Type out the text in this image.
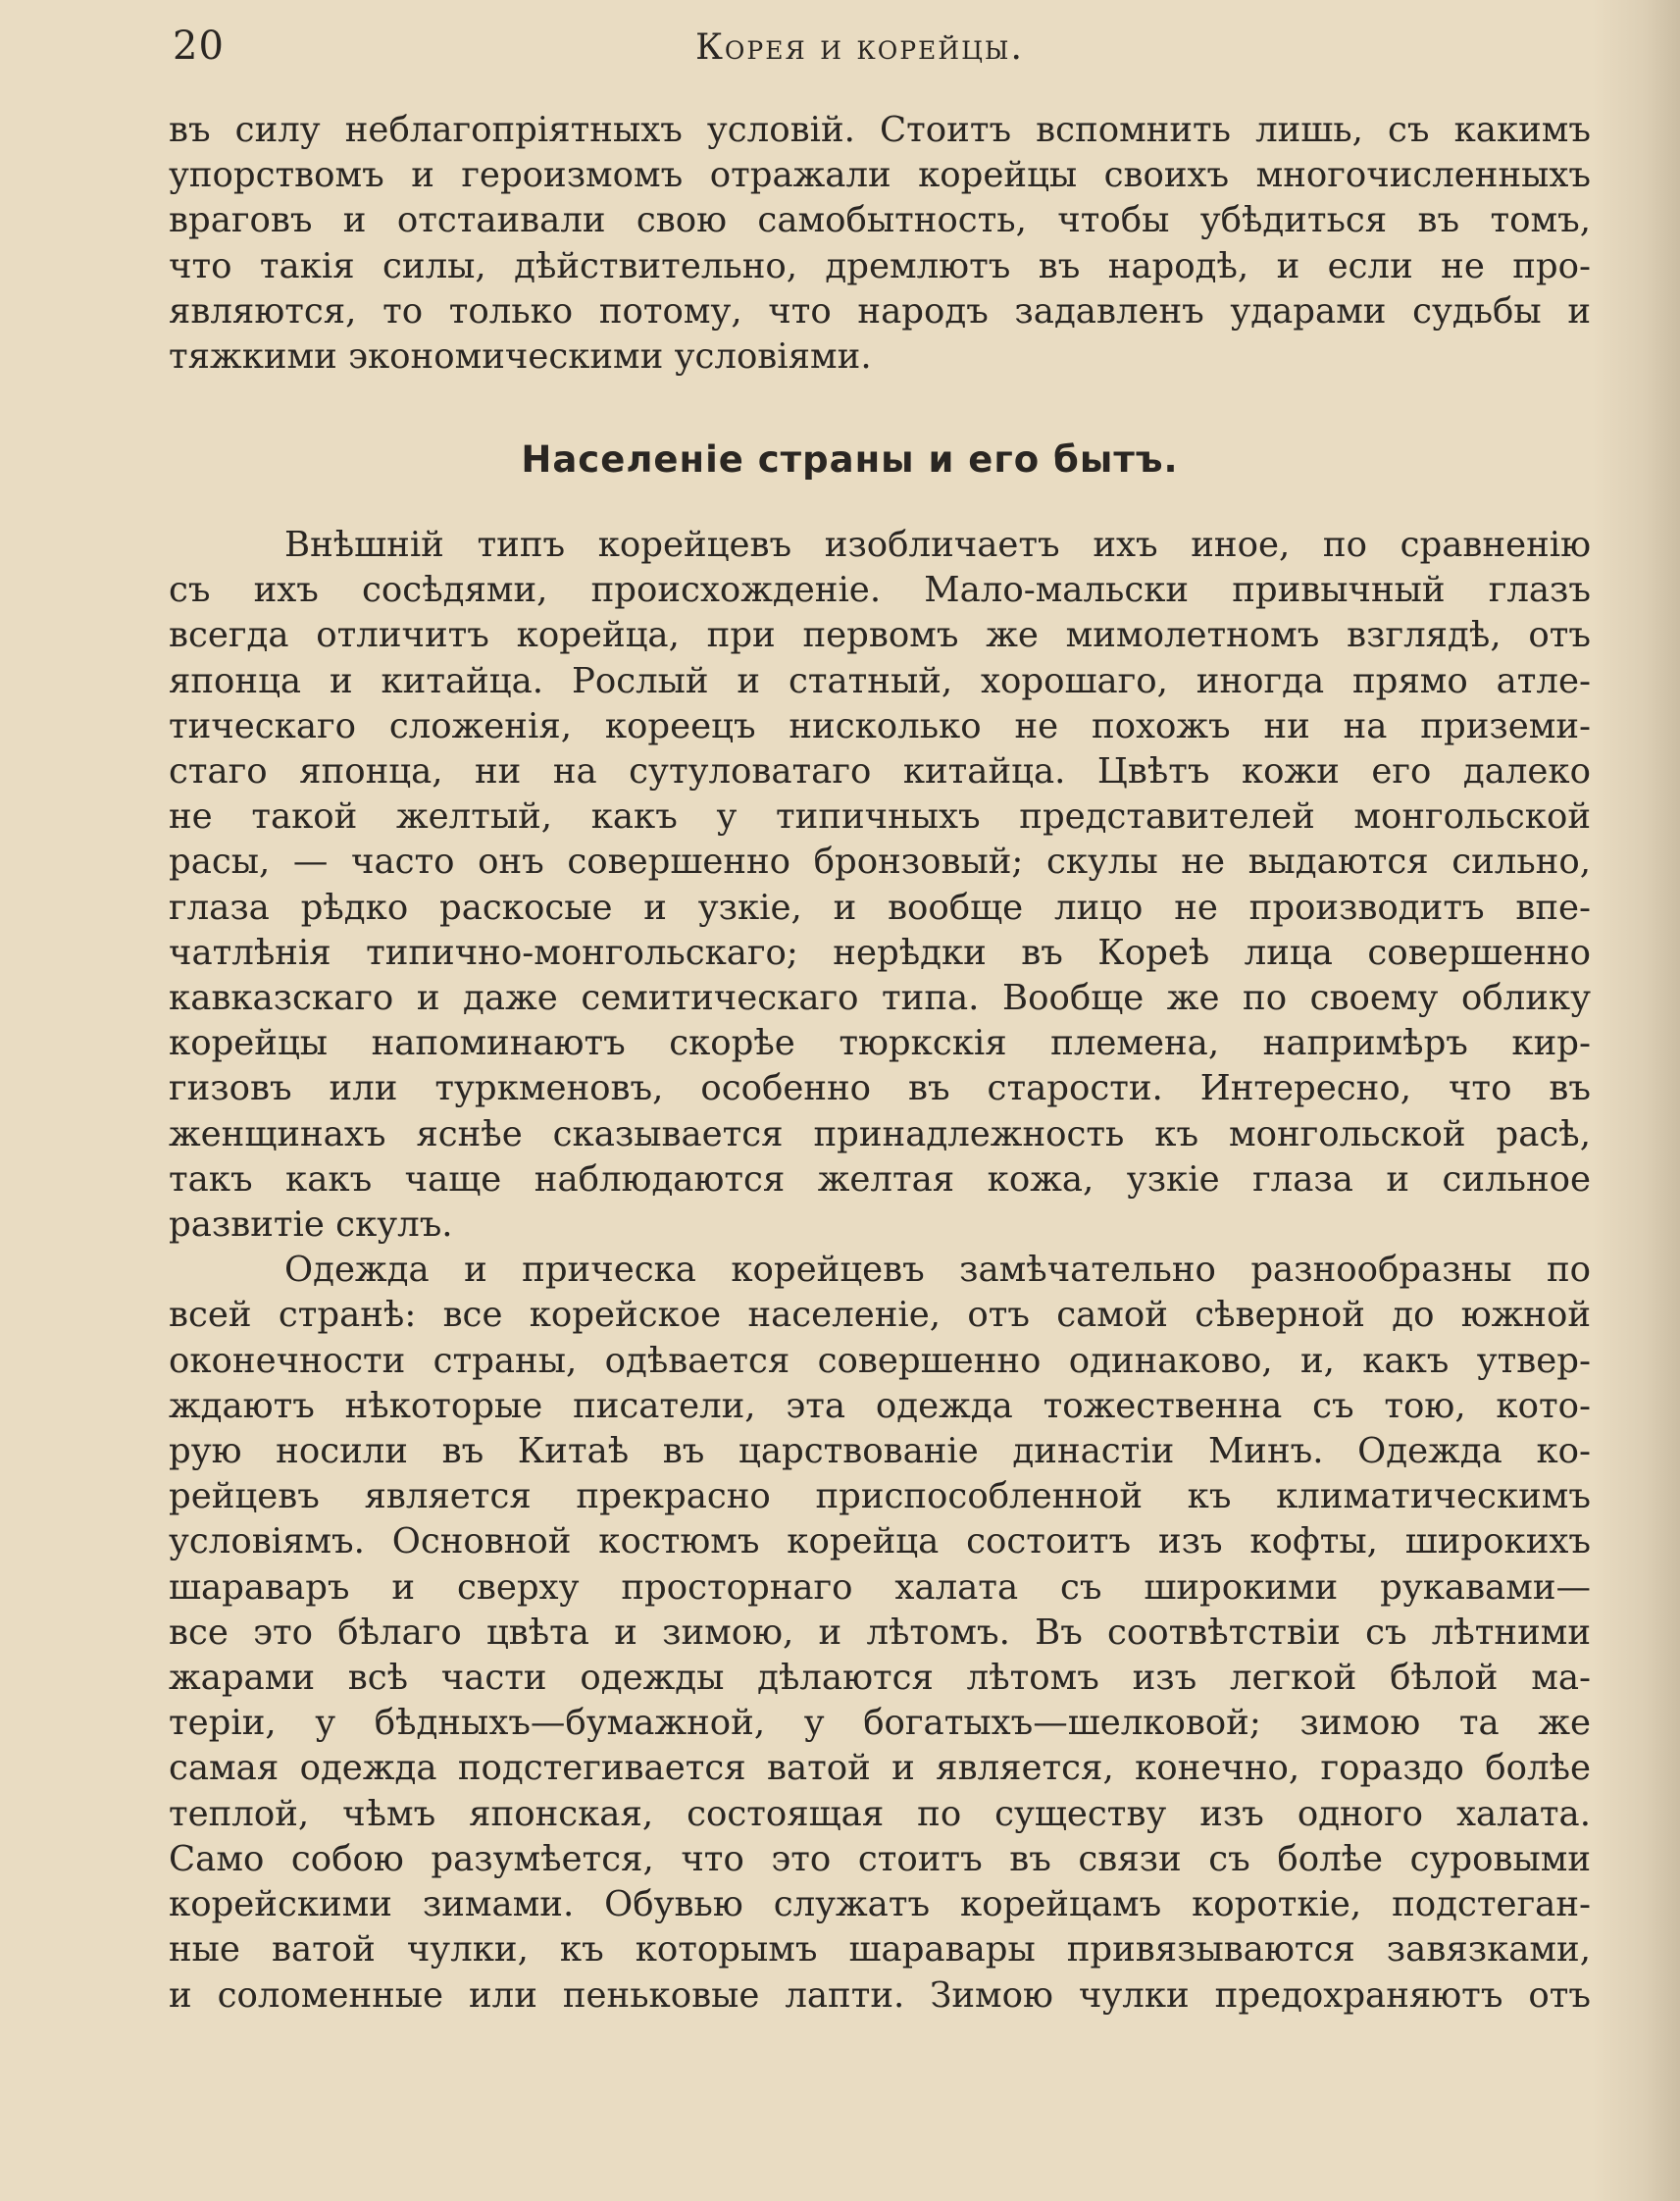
20	Корея и корейцы.
въ силу неблагопріятныхъ условій. Стоитъ вспомнить лишь, съ какимъ
упорствомъ и героизмомъ отражали корейцы своихъ многочисленныхъ
враговъ и отстаивали свою самобытность, чтобы убѣдиться въ томъ,
что такія силы, дѣйствительно, дремлютъ въ народѣ, и если не про-
являются, то только потому, что народъ задавленъ ударами судьбы и
тяжкими экономическими условіями.
Населеніе страны и его бытъ.
Внѣшній типъ корейцевъ изобличаетъ ихъ иное, по сравненію
съ ихъ сосѣдями, происхожденіе. Мало-мальски привычный глазъ
всегда отличитъ корейца, при первомъ же мимолетномъ взглядѣ, отъ
японца и китайца. Рослый и статный, хорошаго, иногда прямо атле-
тическаго сложенія, кореецъ нисколько не похожъ ни на приземи-
стаго японца, ни на сутуловатаго китайца. Цвѣтъ кожи его далеко
не такой желтый, какъ у типичныхъ представителей монгольской
расы, — часто онъ совершенно бронзовый; скулы не выдаются сильно,
глаза рѣдко раскосые и узкіе, и вообще лицо не производитъ впе-
чатлѣнія типично-монгольскаго; нерѣдки въ Кореѣ лица совершенно
кавказскаго и даже семитическаго типа. Вообще же по своему облику
корейцы напоминаютъ скорѣе тюркскія племена, напримѣръ кир-
гизовъ или туркменовъ, особенно въ старости. Интересно, что въ
женщинахъ яснѣе сказывается принадлежность къ монгольской расѣ,
такъ какъ чаще наблюдаются желтая кожа, узкіе глаза и сильное
развитіе скулъ.
Одежда и прическа корейцевъ замѣчательно разнообразны по
всей странѣ: все корейское населеніе, отъ самой сѣверной до южной
оконечности страны, одѣвается совершенно одинаково, и, какъ утвер-
ждаютъ нѣкоторые писатели, эта одежда тожественна съ тою, кото-
рую носили въ Китаѣ въ царствованіе династіи Минъ. Одежда ко-
рейцевъ является прекрасно приспособленной къ климатическимъ
условіямъ. Основной костюмъ корейца состоитъ изъ кофты, широкихъ
шараваръ и сверху просторнаго халата съ широкими рукавами—
все это бѣлаго цвѣта и зимою, и лѣтомъ. Въ соотвѣтствіи съ лѣтними
жарами всѣ части одежды дѣлаются лѣтомъ изъ легкой бѣлой ма-
теріи, у бѣдныхъ—бумажной, у богатыхъ—шелковой; зимою та же
самая одежда подстегивается ватой и является, конечно, гораздо болѣе
теплой, чѣмъ японская, состоящая по существу изъ одного халата.
Само собою разумѣется, что это стоитъ въ связи съ болѣе суровыми
корейскими зимами. Обувью служатъ корейцамъ короткіе, подстеган-
ные ватой чулки, къ которымъ шаравары привязываются завязками,
и соломенные или пеньковые лапти. Зимою чулки предохраняютъ отъ
